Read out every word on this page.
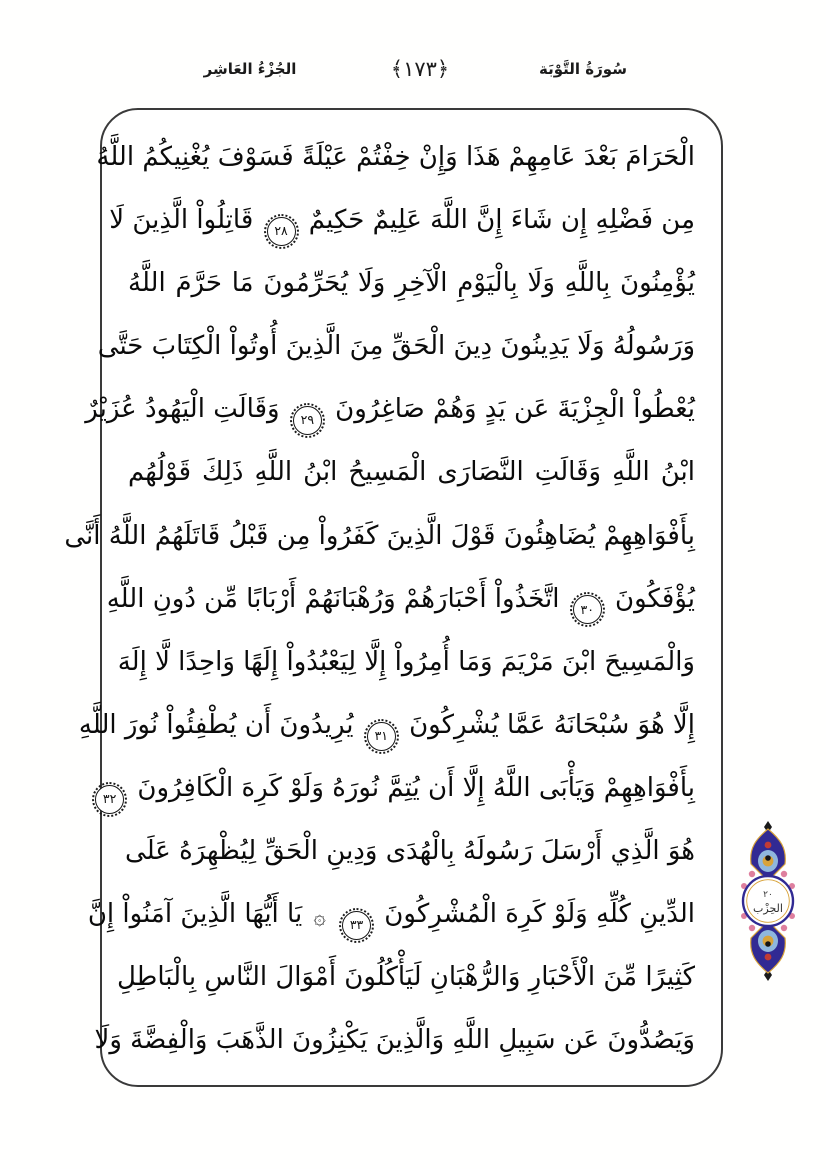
الجُزْءُ العَاشِر	﴿١٧٣﴾	سُورَةُ التَّوْبَة
الْحَرَامَ بَعْدَ عَامِهِمْ هَذَا وَإِنْ خِفْتُمْ عَيْلَةً فَسَوْفَ يُغْنِيكُمُ اللَّهُ
مِن فَضْلِهِ إِن شَاءَ إِنَّ اللَّهَ عَلِيمٌ حَكِيمٌ
٢٨
قَاتِلُواْ الَّذِينَ لَا
يُؤْمِنُونَ بِاللَّهِ وَلَا بِالْيَوْمِ الْآخِرِ وَلَا يُحَرِّمُونَ مَا حَرَّمَ اللَّهُ
وَرَسُولُهُ وَلَا يَدِينُونَ دِينَ الْحَقِّ مِنَ الَّذِينَ أُوتُواْ الْكِتَابَ حَتَّى
يُعْطُواْ الْجِزْيَةَ عَن يَدٍ وَهُمْ صَاغِرُونَ
٢٩
وَقَالَتِ الْيَهُودُ عُزَيْرٌ
ابْنُ اللَّهِ وَقَالَتِ النَّصَارَى الْمَسِيحُ ابْنُ اللَّهِ ذَلِكَ قَوْلُهُم
بِأَفْوَاهِهِمْ يُضَاهِئُونَ قَوْلَ الَّذِينَ كَفَرُواْ مِن قَبْلُ قَاتَلَهُمُ اللَّهُ أَنَّى
يُؤْفَكُونَ
٣٠
اتَّخَذُواْ أَحْبَارَهُمْ وَرُهْبَانَهُمْ أَرْبَابًا مِّن دُونِ اللَّهِ
وَالْمَسِيحَ ابْنَ مَرْيَمَ وَمَا أُمِرُواْ إِلَّا لِيَعْبُدُواْ إِلَهًا وَاحِدًا لَّا إِلَهَ
إِلَّا هُوَ سُبْحَانَهُ عَمَّا يُشْرِكُونَ
٣١
يُرِيدُونَ أَن يُطْفِئُواْ نُورَ اللَّهِ
بِأَفْوَاهِهِمْ وَيَأْبَى اللَّهُ إِلَّا أَن يُتِمَّ نُورَهُ وَلَوْ كَرِهَ الْكَافِرُونَ
٣٢
هُوَ الَّذِي أَرْسَلَ رَسُولَهُ بِالْهُدَى وَدِينِ الْحَقِّ لِيُظْهِرَهُ عَلَى
الدِّينِ كُلِّهِ وَلَوْ كَرِهَ الْمُشْرِكُونَ
٣٣
۞ يَا أَيُّهَا الَّذِينَ آمَنُواْ إِنَّ
كَثِيرًا مِّنَ الْأَحْبَارِ وَالرُّهْبَانِ لَيَأْكُلُونَ أَمْوَالَ النَّاسِ بِالْبَاطِلِ
وَيَصُدُّونَ عَن سَبِيلِ اللَّهِ وَالَّذِينَ يَكْنِزُونَ الذَّهَبَ وَالْفِضَّةَ وَلَا
٢٠
الحِزْب
